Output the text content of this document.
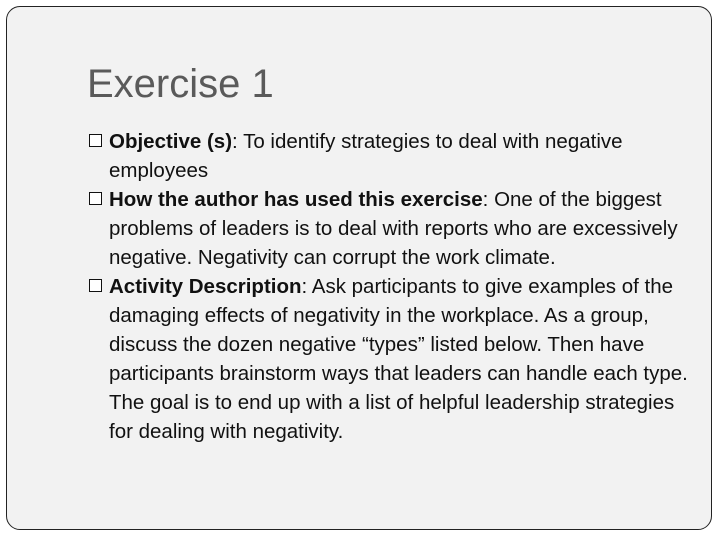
Exercise 1
Objective (s): To identify strategies to deal with negative employees
How the author has used this exercise: One of the biggest problems of leaders is to deal with reports who are excessively negative. Negativity can corrupt the work climate.
Activity Description: Ask participants to give examples of the damaging effects of negativity in the workplace. As a group, discuss the dozen negative “types” listed below. Then have participants brainstorm ways that leaders can handle each type. The goal is to end up with a list of helpful leadership strategies for dealing with negativity.
